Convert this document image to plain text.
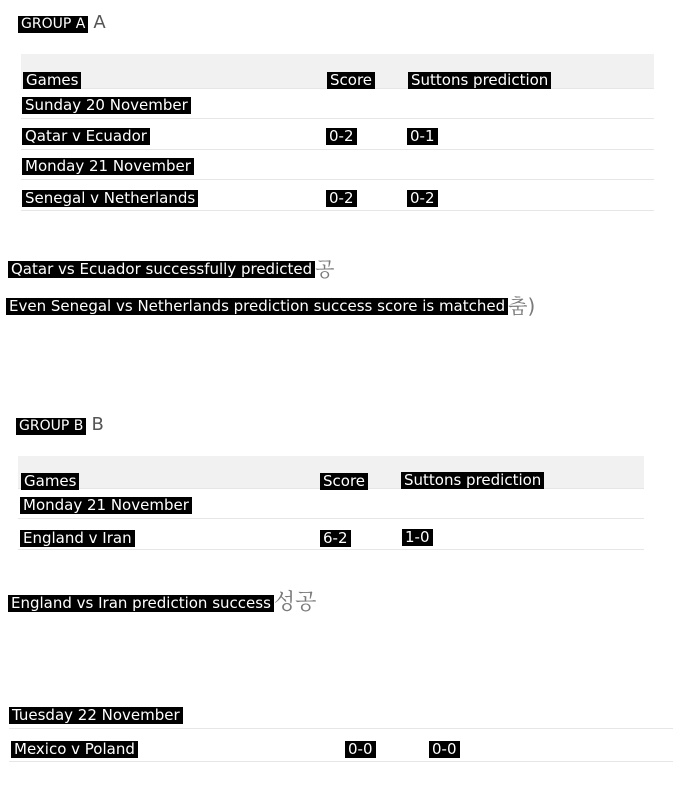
GROUP A A
Games	Score	Suttons prediction
Sunday 20 November
Qatar v Ecuador	0-2	0-1
Monday 21 November
Senegal v Netherlands	0-2	0-2
Qatar vs Ecuador successfully predicted 공
Even Senegal vs Netherlands prediction success score is matched 춤)
GROUP B B
Games	Score	Suttons prediction
Monday 21 November
England v Iran	6-2	1-0
England vs Iran prediction success 성공
Tuesday 22 November
Mexico v Poland	0-0	0-0
